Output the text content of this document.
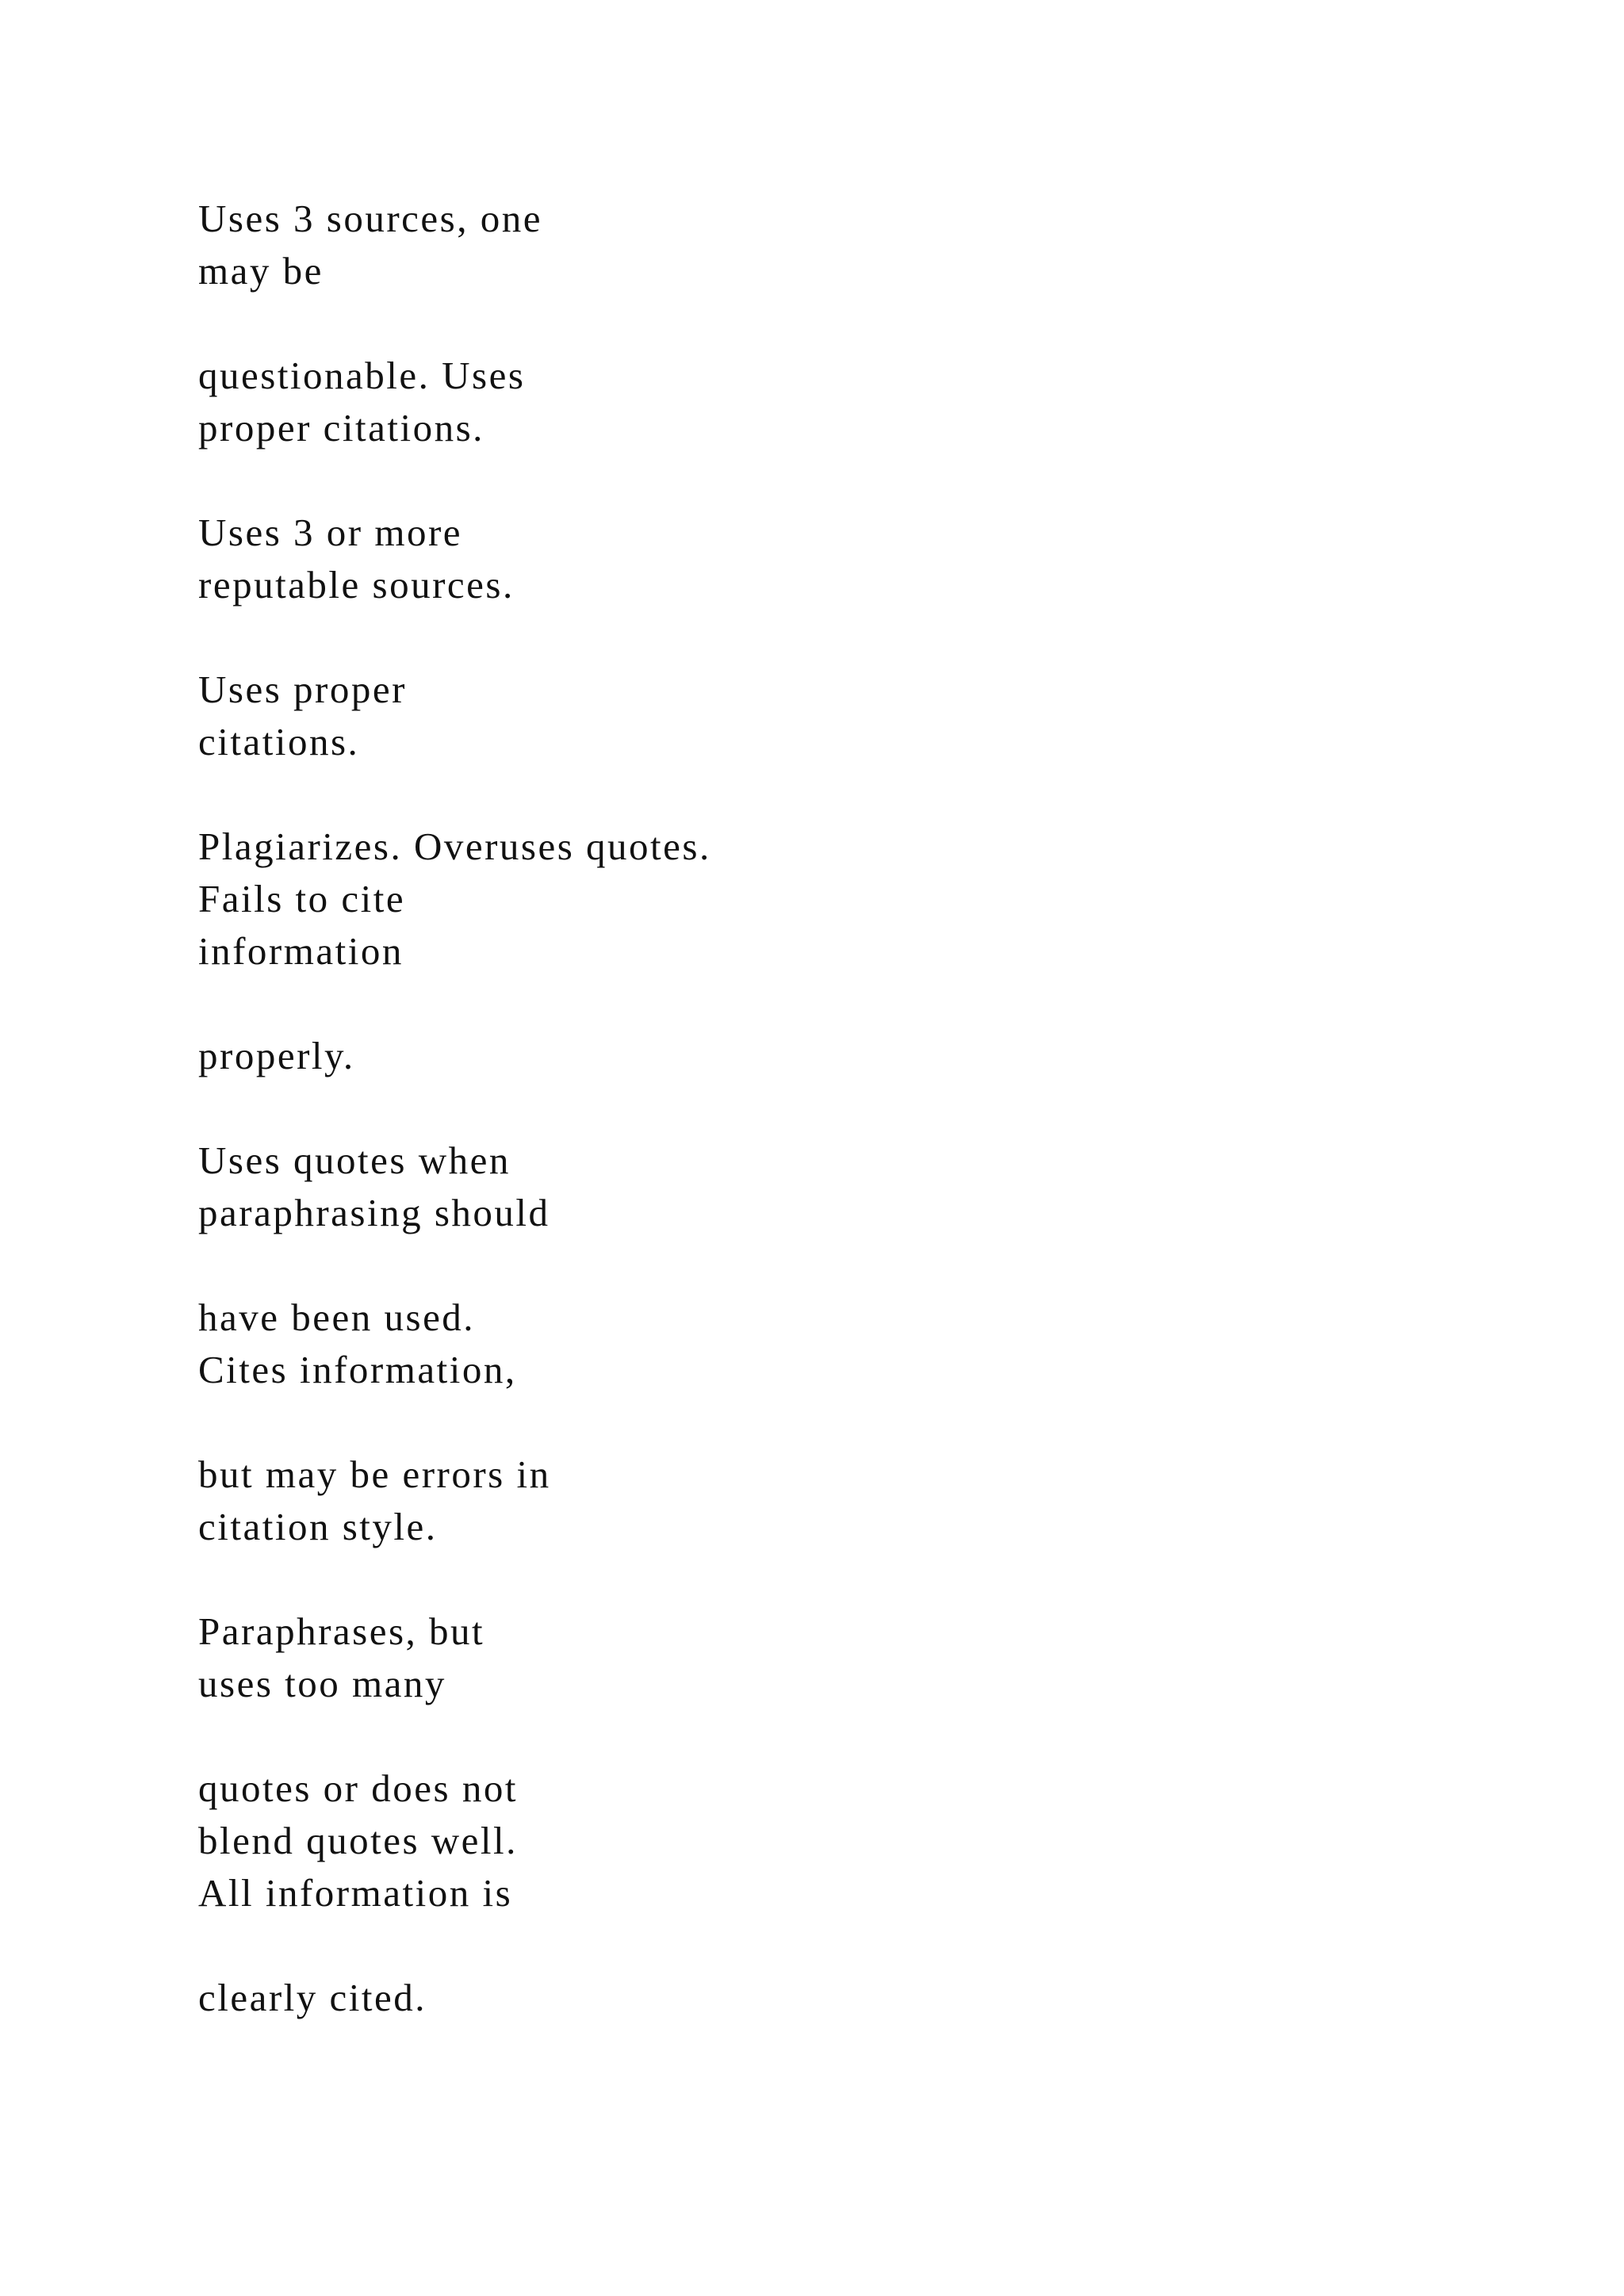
Uses 3 sources, one
may be
questionable. Uses
proper citations.
Uses 3 or more
reputable sources.
Uses proper
citations.
Plagiarizes. Overuses quotes.
Fails to cite
information
properly.
Uses quotes when
paraphrasing should
have been used.
Cites information,
but may be errors in
citation style.
Paraphrases, but
uses too many
quotes or does not
blend quotes well.
All information is
clearly cited.
